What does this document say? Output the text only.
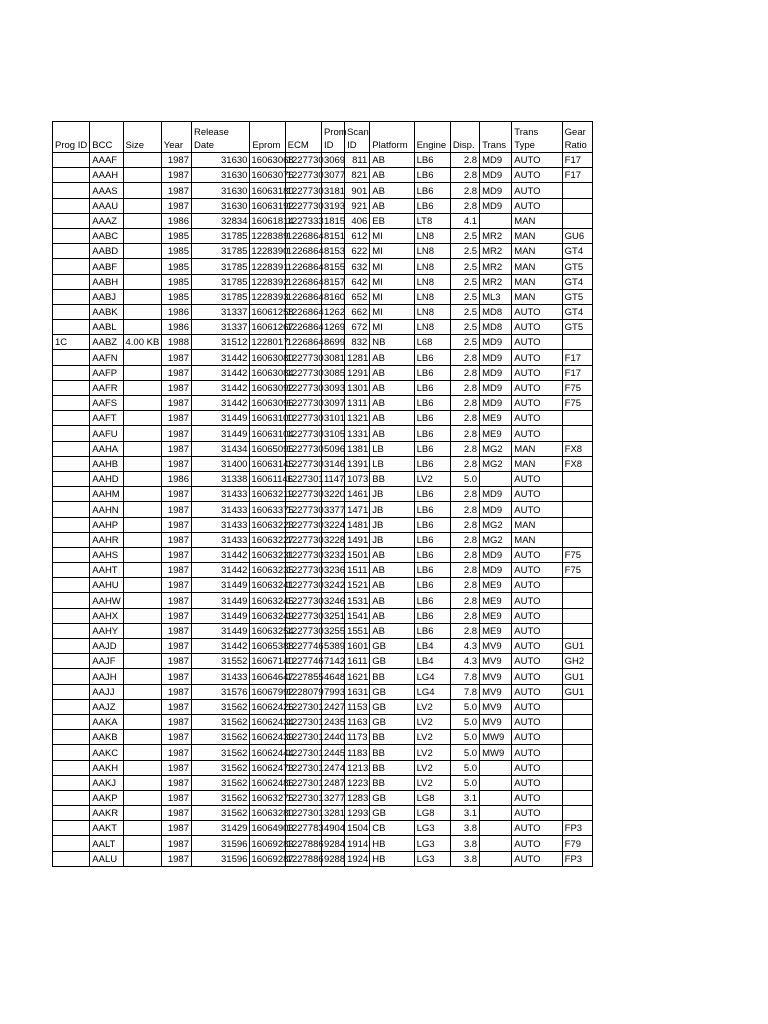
Prog ID	BCC	Size	Year	Release Date	Eprom	ECM	Prom ID	Scan ID	Platform	Engine	Disp.	Trans	Trans Type	Gear Ratio
	AAAF		1987	31630	16063068	1227730	3069	811	AB	LB6	2.8	MD9	AUTO	F17
	AAAH		1987	31630	16063076	1227730	3077	821	AB	LB6	2.8	MD9	AUTO	F17
	AAAS		1987	31630	16063180	1227730	3181	901	AB	LB6	2.8	MD9	AUTO	
	AAAU		1987	31630	16063192	1227730	3193	921	AB	LB6	2.8	MD9	AUTO	
	AAAZ		1986	32834	16061814	1227333	1815	406	EB	LT8	4.1		MAN	
	AABC		1985	31785	1228389	1226864	8151	612	MI	LN8	2.5	MR2	MAN	GU6
	AABD		1985	31785	1228390	1226864	8153	622	MI	LN8	2.5	MR2	MAN	GT4
	AABF		1985	31785	1228391	1226864	8155	632	MI	LN8	2.5	MR2	MAN	GT5
	AABH		1985	31785	1228392	1226864	8157	642	MI	LN8	2.5	MR2	MAN	GT4
	AABJ		1985	31785	1228393	1226864	8160	652	MI	LN8	2.5	ML3	MAN	GT5
	AABK		1986	31337	16061258	1226864	1262	662	MI	LN8	2.5	MD8	AUTO	GT4
	AABL		1986	31337	16061267	1226864	1269	672	MI	LN8	2.5	MD8	AUTO	GT5
1C	AABZ	4.00 KB	1988	31512	1228017	1226864	8699	832	NB	L68	2.5	MD9	AUTO	
	AAFN		1987	31442	16063080	1227730	3081	1281	AB	LB6	2.8	MD9	AUTO	F17
	AAFP		1987	31442	16063084	1227730	3085	1291	AB	LB6	2.8	MD9	AUTO	F17
	AAFR		1987	31442	16063092	1227730	3093	1301	AB	LB6	2.8	MD9	AUTO	F75
	AAFS		1987	31442	16063096	1227730	3097	1311	AB	LB6	2.8	MD9	AUTO	F75
	AAFT		1987	31449	16063100	1227730	3101	1321	AB	LB6	2.8	ME9	AUTO	
	AAFU		1987	31449	16063104	1227730	3105	1331	AB	LB6	2.8	ME9	AUTO	
	AAHA		1987	31434	16065095	1227730	5096	1381	LB	LB6	2.8	MG2	MAN	FX8
	AAHB		1987	31400	16063145	1227730	3146	1391	LB	LB6	2.8	MG2	MAN	FX8
	AAHD		1986	31338	16061146	1227301	1147	1073	BB	LV2	5.0		AUTO	
	AAHM		1987	31433	16063219	1227730	3220	1461	JB	LB6	2.8	MD9	AUTO	
	AAHN		1987	31433	16063375	1227730	3377	1471	JB	LB6	2.8	MD9	AUTO	
	AAHP		1987	31433	16063223	1227730	3224	1481	JB	LB6	2.8	MG2	MAN	
	AAHR		1987	31433	16063227	1227730	3228	1491	JB	LB6	2.8	MG2	MAN	
	AAHS		1987	31442	16063231	1227730	3232	1501	AB	LB6	2.8	MD9	AUTO	F75
	AAHT		1987	31442	16063235	1227730	3236	1511	AB	LB6	2.8	MD9	AUTO	F75
	AAHU		1987	31449	16063241	1227730	3242	1521	AB	LB6	2.8	ME9	AUTO	
	AAHW		1987	31449	16063245	1227730	3246	1531	AB	LB6	2.8	ME9	AUTO	
	AAHX		1987	31449	16063249	1227730	3251	1541	AB	LB6	2.8	ME9	AUTO	
	AAHY		1987	31449	16063254	1227730	3255	1551	AB	LB6	2.8	ME9	AUTO	
	AAJD		1987	31442	16065388	1227746	5389	1601	GB	LB4	4.3	MV9	AUTO	GU1
	AAJF		1987	31552	16067140	1227746	7142	1611	GB	LB4	4.3	MV9	AUTO	GH2
	AAJH		1987	31433	16064647	1227855	4648	1621	BB	LG4	7.8	MV9	AUTO	GU1
	AAJJ		1987	31576	16067992	1228079	7993	1631	GB	LG4	7.8	MV9	AUTO	GU1
	AAJZ		1987	31562	16062426	1227301	2427	1153	GB	LV2	5.0	MV9	AUTO	
	AAKA		1987	31562	16062434	1227301	2435	1163	GB	LV2	5.0	MV9	AUTO	
	AAKB		1987	31562	16062439	1227301	2440	1173	BB	LV2	5.0	MW9	AUTO	
	AAKC		1987	31562	16062444	1227301	2445	1183	BB	LV2	5.0	MW9	AUTO	
	AAKH		1987	31562	16062473	1227301	2474	1213	BB	LV2	5.0		AUTO	
	AAKJ		1987	31562	16062486	1227301	2487	1223	BB	LV2	5.0		AUTO	
	AAKP		1987	31562	16063275	1227301	3277	1283	GB	LG8	3.1		AUTO	
	AAKR		1987	31562	16063280	1227301	3281	1293	GB	LG8	3.1		AUTO	
	AAKT		1987	31429	16064903	1227783	4904	1504	CB	LG3	3.8		AUTO	FP3
	AALT		1987	31596	16069283	1227886	9284	1914	HB	LG3	3.8		AUTO	F79
	AALU		1987	31596	16069287	1227886	9288	1924	HB	LG3	3.8		AUTO	FP3
